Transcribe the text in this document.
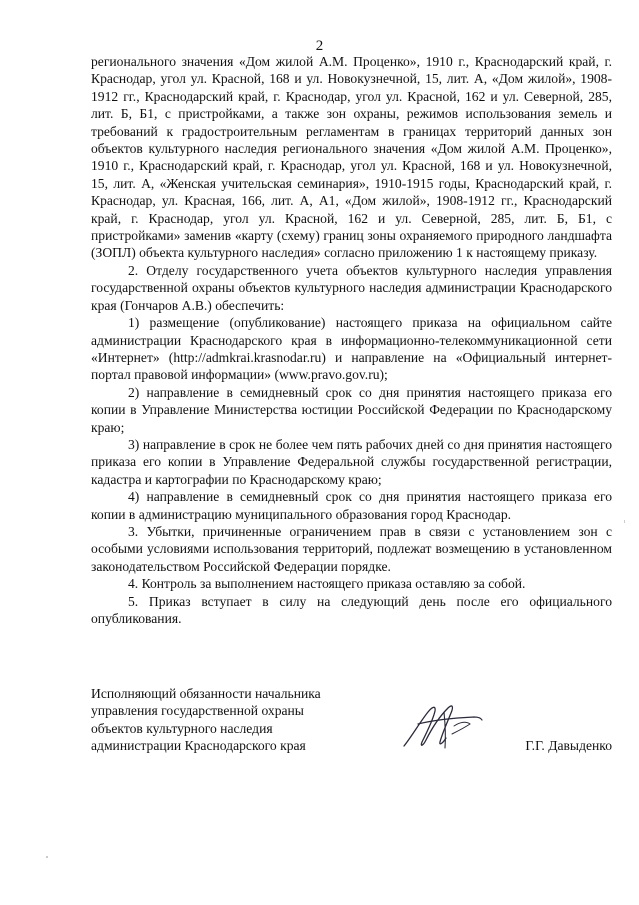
2

регионального значения «Дом жилой А.М. Проценко», 1910 г., Краснодарский край, г. Краснодар, угол ул. Красной, 168 и ул. Новокузнечной, 15, лит. А, «Дом жилой», 1908-1912 гг., Краснодарский край, г. Краснодар, угол ул. Красной, 162 и ул. Северной, 285, лит. Б, Б1, с пристройками, а также зон охраны, режимов использования земель и требований к градостроительным регламентам в границах территорий данных зон объектов культурного наследия регионального значения «Дом жилой А.М. Проценко», 1910 г., Краснодарский край, г. Краснодар, угол ул. Красной, 168 и ул. Новокузнечной, 15, лит. А, «Женская учительская семинария», 1910-1915 годы, Краснодарский край, г. Краснодар, ул. Красная, 166, лит. А, А1, «Дом жилой», 1908-1912 гг., Краснодарский край, г. Краснодар, угол ул. Красной, 162 и ул. Северной, 285, лит. Б, Б1, с пристройками» заменив «карту (схему) границ зоны охраняемого природного ландшафта (ЗОПЛ) объекта культурного наследия» согласно приложению 1 к настоящему приказу.

2. Отделу государственного учета объектов культурного наследия управления государственной охраны объектов культурного наследия администрации Краснодарского края (Гончаров А.В.) обеспечить:

1) размещение (опубликование) настоящего приказа на официальном сайте администрации Краснодарского края в информационно-телекоммуникационной сети «Интернет» (http://admkrai.krasnodar.ru) и направление на «Официальный интернет-портал правовой информации» (www.pravo.gov.ru);

2) направление в семидневный срок со дня принятия настоящего приказа его копии в Управление Министерства юстиции Российской Федерации по Краснодарскому краю;

3) направление в срок не более чем пять рабочих дней со дня принятия настоящего приказа его копии в Управление Федеральной службы государственной регистрации, кадастра и картографии по Краснодарскому краю;

4) направление в семидневный срок со дня принятия настоящего приказа его копии в администрацию муниципального образования город Краснодар.

3. Убытки, причиненные ограничением прав в связи с установлением зон с особыми условиями использования территорий, подлежат возмещению в установленном законодательством Российской Федерации порядке.

4. Контроль за выполнением настоящего приказа оставляю за собой.

5. Приказ вступает в силу на следующий день после его официального опубликования.

Исполняющий обязанности начальника
управления государственной охраны
объектов культурного наследия
администрации Краснодарского края	Г.Г. Давыденко
